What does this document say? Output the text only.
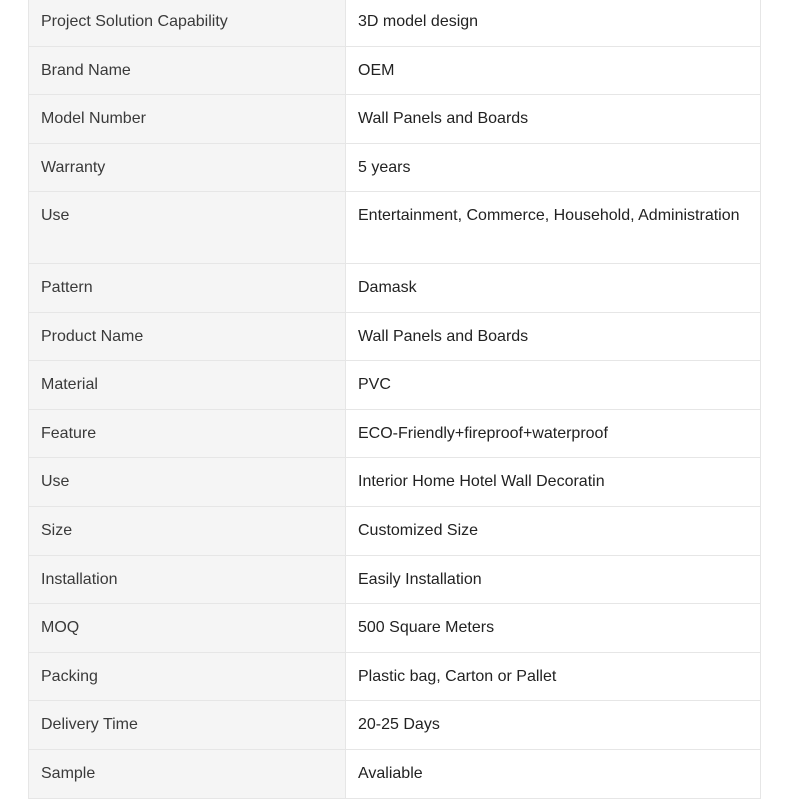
Project Solution Capability	3D model design
Brand Name	OEM
Model Number	Wall Panels and Boards
Warranty	5 years
Use	Entertainment, Commerce, Household, Administration
Pattern	Damask
Product Name	Wall Panels and Boards
Material	PVC
Feature	ECO-Friendly+fireproof+waterproof
Use	Interior Home Hotel Wall Decoratin
Size	Customized Size
Installation	Easily Installation
MOQ	500 Square Meters
Packing	Plastic bag, Carton or Pallet
Delivery Time	20-25 Days
Sample	Avaliable
